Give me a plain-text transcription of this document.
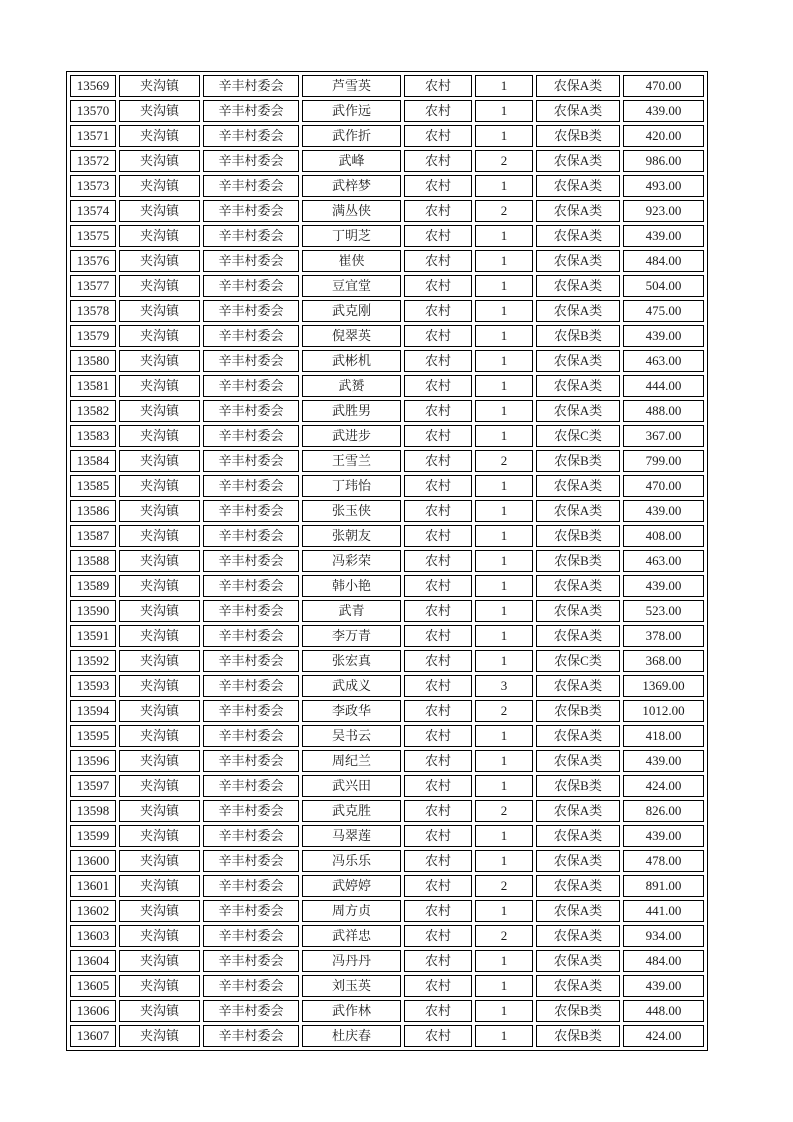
13569	夹沟镇	辛丰村委会	芦雪英	农村	1	农保A类	470.00
13570	夹沟镇	辛丰村委会	武作远	农村	1	农保A类	439.00
13571	夹沟镇	辛丰村委会	武作折	农村	1	农保B类	420.00
13572	夹沟镇	辛丰村委会	武峰	农村	2	农保A类	986.00
13573	夹沟镇	辛丰村委会	武梓梦	农村	1	农保A类	493.00
13574	夹沟镇	辛丰村委会	满丛侠	农村	2	农保A类	923.00
13575	夹沟镇	辛丰村委会	丁明芝	农村	1	农保A类	439.00
13576	夹沟镇	辛丰村委会	崔侠	农村	1	农保A类	484.00
13577	夹沟镇	辛丰村委会	豆宜堂	农村	1	农保A类	504.00
13578	夹沟镇	辛丰村委会	武克刚	农村	1	农保A类	475.00
13579	夹沟镇	辛丰村委会	倪翠英	农村	1	农保B类	439.00
13580	夹沟镇	辛丰村委会	武彬机	农村	1	农保A类	463.00
13581	夹沟镇	辛丰村委会	武赟	农村	1	农保A类	444.00
13582	夹沟镇	辛丰村委会	武胜男	农村	1	农保A类	488.00
13583	夹沟镇	辛丰村委会	武进步	农村	1	农保C类	367.00
13584	夹沟镇	辛丰村委会	王雪兰	农村	2	农保B类	799.00
13585	夹沟镇	辛丰村委会	丁玮怡	农村	1	农保A类	470.00
13586	夹沟镇	辛丰村委会	张玉侠	农村	1	农保A类	439.00
13587	夹沟镇	辛丰村委会	张朝友	农村	1	农保B类	408.00
13588	夹沟镇	辛丰村委会	冯彩荣	农村	1	农保B类	463.00
13589	夹沟镇	辛丰村委会	韩小艳	农村	1	农保A类	439.00
13590	夹沟镇	辛丰村委会	武青	农村	1	农保A类	523.00
13591	夹沟镇	辛丰村委会	李万青	农村	1	农保A类	378.00
13592	夹沟镇	辛丰村委会	张宏真	农村	1	农保C类	368.00
13593	夹沟镇	辛丰村委会	武成义	农村	3	农保A类	1369.00
13594	夹沟镇	辛丰村委会	李政华	农村	2	农保B类	1012.00
13595	夹沟镇	辛丰村委会	吴书云	农村	1	农保A类	418.00
13596	夹沟镇	辛丰村委会	周纪兰	农村	1	农保A类	439.00
13597	夹沟镇	辛丰村委会	武兴田	农村	1	农保B类	424.00
13598	夹沟镇	辛丰村委会	武克胜	农村	2	农保A类	826.00
13599	夹沟镇	辛丰村委会	马翠莲	农村	1	农保A类	439.00
13600	夹沟镇	辛丰村委会	冯乐乐	农村	1	农保A类	478.00
13601	夹沟镇	辛丰村委会	武婷婷	农村	2	农保A类	891.00
13602	夹沟镇	辛丰村委会	周方贞	农村	1	农保A类	441.00
13603	夹沟镇	辛丰村委会	武祥忠	农村	2	农保A类	934.00
13604	夹沟镇	辛丰村委会	冯丹丹	农村	1	农保A类	484.00
13605	夹沟镇	辛丰村委会	刘玉英	农村	1	农保A类	439.00
13606	夹沟镇	辛丰村委会	武作林	农村	1	农保B类	448.00
13607	夹沟镇	辛丰村委会	杜庆春	农村	1	农保B类	424.00
